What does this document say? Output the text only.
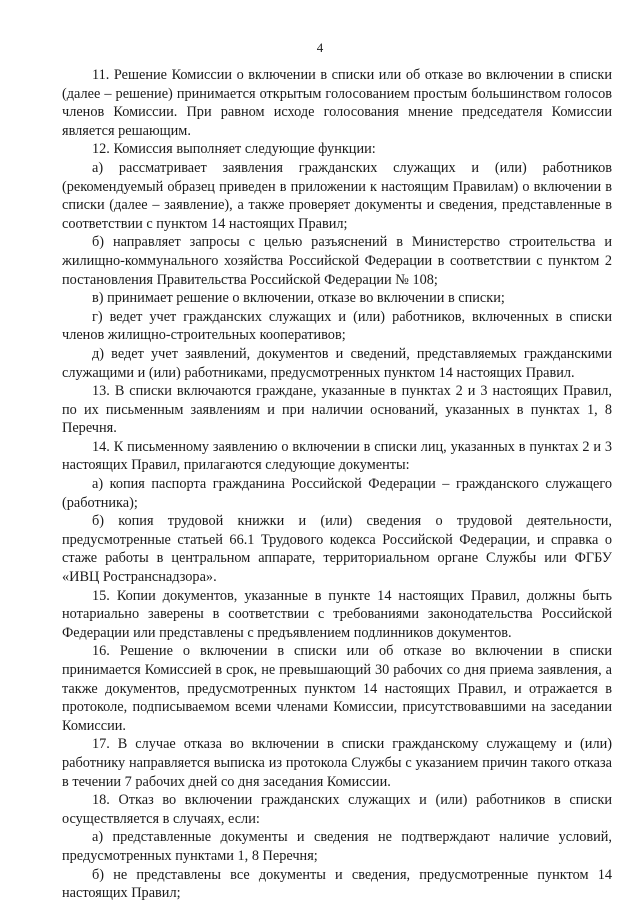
4

11. Решение Комиссии о включении в списки или об отказе во включении в списки (далее – решение) принимается открытым голосованием простым большинством голосов членов Комиссии. При равном исходе голосования мнение председателя Комиссии является решающим.

12. Комиссия выполняет следующие функции:

а) рассматривает заявления гражданских служащих и (или) работников (рекомендуемый образец приведен в приложении к настоящим Правилам) о включении в списки (далее – заявление), а также проверяет документы и сведения, представленные в соответствии с пунктом 14 настоящих Правил;

б) направляет запросы с целью разъяснений в Министерство строительства и жилищно-коммунального хозяйства Российской Федерации в соответствии с пунктом 2 постановления Правительства Российской Федерации № 108;

в) принимает решение о включении, отказе во включении в списки;

г) ведет учет гражданских служащих и (или) работников, включенных в списки членов жилищно-строительных кооперативов;

д) ведет учет заявлений, документов и сведений, представляемых гражданскими служащими и (или) работниками, предусмотренных пунктом 14 настоящих Правил.

13. В списки включаются граждане, указанные в пунктах 2 и 3 настоящих Правил, по их письменным заявлениям и при наличии оснований, указанных в пунктах 1, 8 Перечня.

14. К письменному заявлению о включении в списки лиц, указанных в пунктах 2 и 3 настоящих Правил, прилагаются следующие документы:

а) копия паспорта гражданина Российской Федерации – гражданского служащего (работника);

б) копия трудовой книжки и (или) сведения о трудовой деятельности, предусмотренные статьей 66.1 Трудового кодекса Российской Федерации, и справка о стаже работы в центральном аппарате, территориальном органе Службы или ФГБУ «ИВЦ Ространснадзора».

15. Копии документов, указанные в пункте 14 настоящих Правил, должны быть нотариально заверены в соответствии с требованиями законодательства Российской Федерации или представлены с предъявлением подлинников документов.

16. Решение о включении в списки или об отказе во включении в списки принимается Комиссией в срок, не превышающий 30 рабочих со дня приема заявления, а также документов, предусмотренных пунктом 14 настоящих Правил, и отражается в протоколе, подписываемом всеми членами Комиссии, присутствовавшими на заседании Комиссии.

17. В случае отказа во включении в списки гражданскому служащему и (или) работнику направляется выписка из протокола Службы с указанием причин такого отказа в течении 7 рабочих дней со дня заседания Комиссии.

18. Отказ во включении гражданских служащих и (или) работников в списки осуществляется в случаях, если:

а) представленные документы и сведения не подтверждают наличие условий, предусмотренных пунктами 1, 8 Перечня;

б) не представлены все документы и сведения, предусмотренные пунктом 14 настоящих Правил;
